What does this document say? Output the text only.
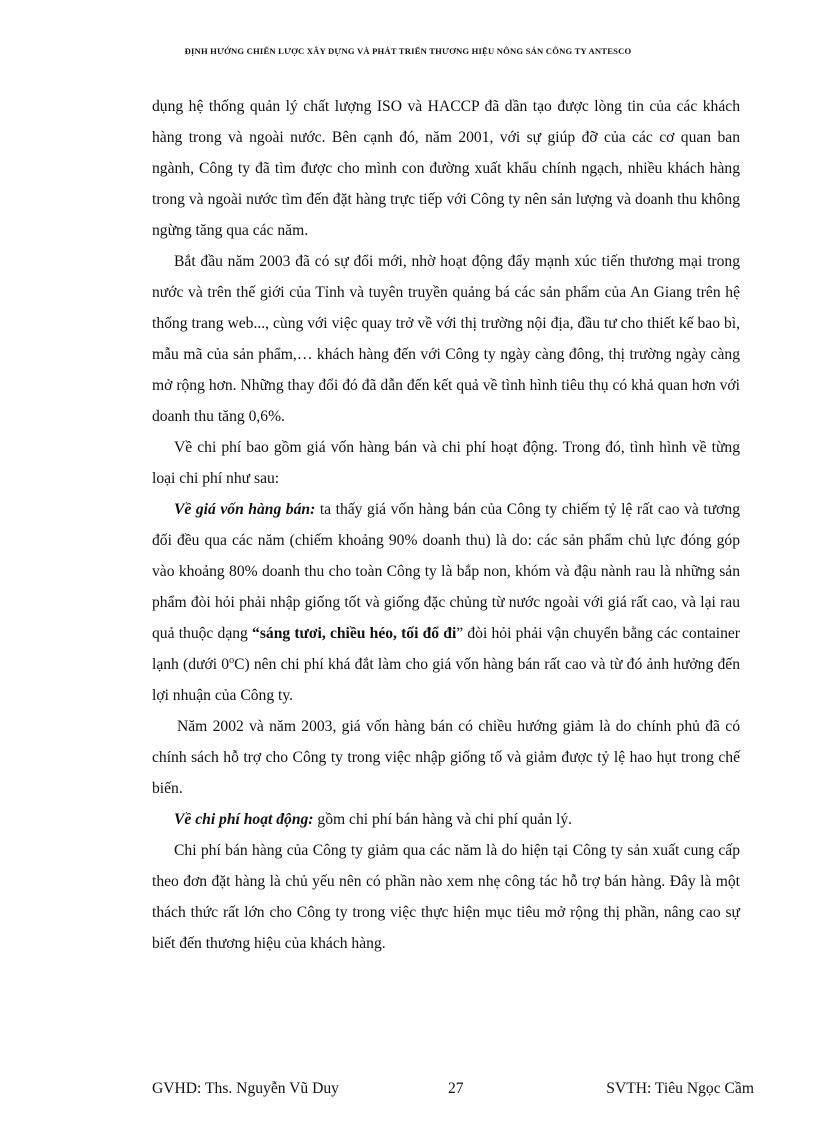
ĐỊNH HƯỚNG CHIẾN LƯỢC XÂY DỰNG VÀ PHÁT TRIỂN THƯƠNG HIỆU NÔNG SẢN CÔNG TY ANTESCO

dụng hệ thống quản lý chất lượng ISO và HACCP đã dần tạo được lòng tin của các khách hàng trong và ngoài nước. Bên cạnh đó, năm 2001, với sự giúp đỡ của các cơ quan ban ngành, Công ty đã tìm được cho mình con đường xuất khẩu chính ngạch, nhiều khách hàng trong và ngoài nước tìm đến đặt hàng trực tiếp với Công ty nên sản lượng và doanh thu không ngừng tăng qua các năm.

Bắt đầu năm 2003 đã có sự đổi mới, nhờ hoạt động đẩy mạnh xúc tiến thương mại trong nước và trên thế giới của Tỉnh và tuyên truyền quảng bá các sản phẩm của An Giang trên hệ thống trang web..., cùng với việc quay trở về với thị trường nội địa, đầu tư cho thiết kế bao bì, mẫu mã của sản phẩm,… khách hàng đến với Công ty ngày càng đông, thị trường ngày càng mở rộng hơn. Những thay đổi đó đã dẫn đến kết quả về tình hình tiêu thụ có khả quan hơn với doanh thu tăng 0,6%.

Về chi phí bao gồm giá vốn hàng bán và chi phí hoạt động. Trong đó, tình hình về từng loại chi phí như sau:

Về giá vốn hàng bán: ta thấy giá vốn hàng bán của Công ty chiếm tỷ lệ rất cao và tương đối đều qua các năm (chiếm khoảng 90% doanh thu) là do: các sản phẩm chủ lực đóng góp vào khoảng 80% doanh thu cho toàn Công ty là bắp non, khóm và đậu nành rau là những sản phẩm đòi hỏi phải nhập giống tốt và giống đặc chủng từ nước ngoài với giá rất cao, và lại rau quả thuộc dạng “sáng tươi, chiều héo, tối đổ đi” đòi hỏi phải vận chuyển bằng các container lạnh (dưới 0$^o$C) nên chi phí khá đắt làm cho giá vốn hàng bán rất cao và từ đó ảnh hưởng đến lợi nhuận của Công ty.

Năm 2002 và năm 2003, giá vốn hàng bán có chiều hướng giảm là do chính phủ đã có chính sách hỗ trợ cho Công ty trong việc nhập giống tố và giảm được tỷ lệ hao hụt trong chế biến.

Về chi phí hoạt động: gồm chi phí bán hàng và chi phí quản lý.

Chi phí bán hàng của Công ty giảm qua các năm là do hiện tại Công ty sản xuất cung cấp theo đơn đặt hàng là chủ yếu nên có phần nào xem nhẹ công tác hỗ trợ bán hàng. Đây là một thách thức rất lớn cho Công ty trong việc thực hiện mục tiêu mở rộng thị phần, nâng cao sự biết đến thương hiệu của khách hàng.

GVHD: Ths. Nguyễn Vũ Duy	27	SVTH: Tiêu Ngọc Cầm
